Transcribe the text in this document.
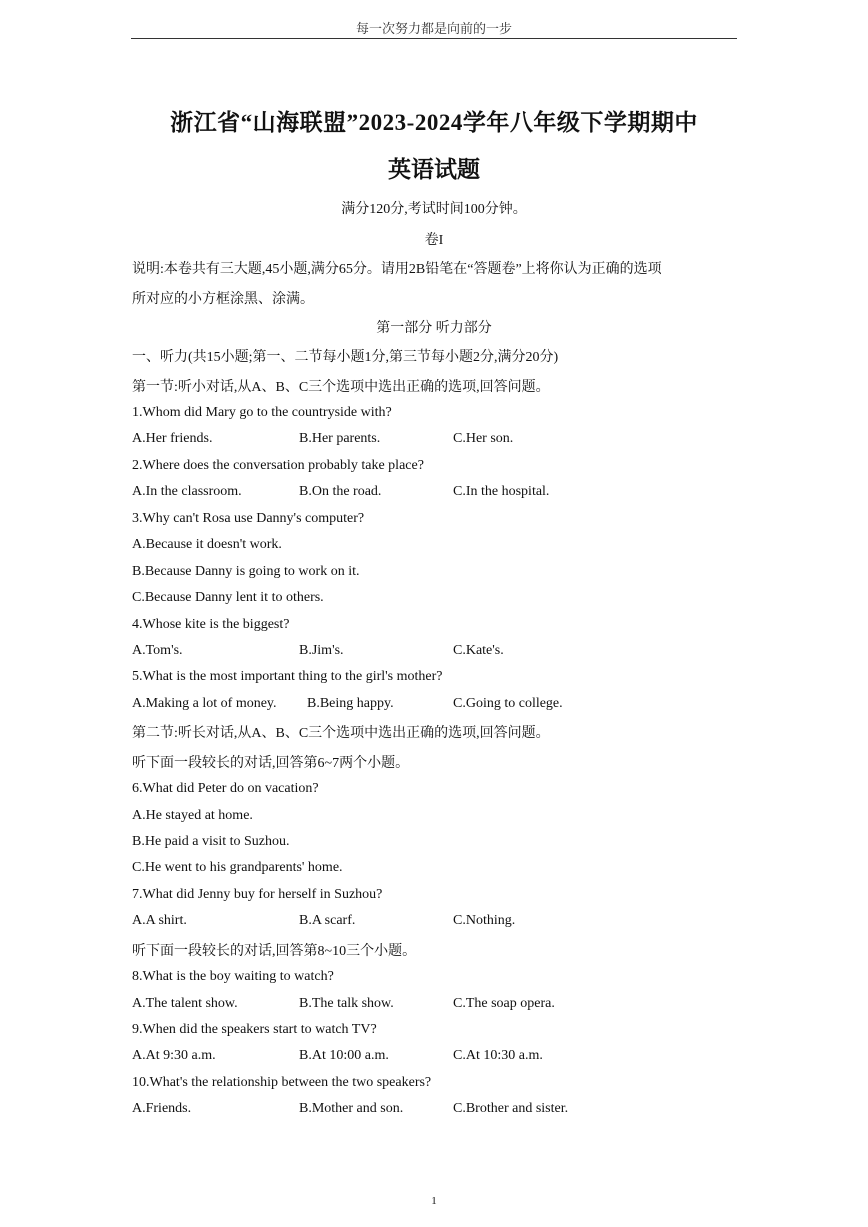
每一次努力都是向前的一步
浙江省“山海联盟”2023-2024学年八年级下学期期中
英语试题
满分120分,考试时间100分钟。
卷I
说明:本卷共有三大题,45小题,满分65分。请用2B铅笔在“答题卷”上将你认为正确的选项
所对应的小方框涂黑、涂满。
第一部分 听力部分
一、听力(共15小题;第一、二节每小题1分,第三节每小题2分,满分20分)
第一节:听小对话,从A、B、C三个选项中选出正确的选项,回答问题。
1.Whom did Mary go to the countryside with?
A.Her friends.	B.Her parents.	C.Her son.
2.Where does the conversation probably take place?
A.In the classroom.	B.On the road.	C.In the hospital.
3.Why can't Rosa use Danny's computer?
A.Because it doesn't work.
B.Because Danny is going to work on it.
C.Because Danny lent it to others.
4.Whose kite is the biggest?
A.Tom's.	B.Jim's.	C.Kate's.
5.What is the most important thing to the girl's mother?
A.Making a lot of money. B.Being happy.	C.Going to college.
第二节:听长对话,从A、B、C三个选项中选出正确的选项,回答问题。
听下面一段较长的对话,回答第6~7两个小题。
6.What did Peter do on vacation?
A.He stayed at home.
B.He paid a visit to Suzhou.
C.He went to his grandparents' home.
7.What did Jenny buy for herself in Suzhou?
A.A shirt.	B.A scarf.	C.Nothing.
听下面一段较长的对话,回答第8~10三个小题。
8.What is the boy waiting to watch?
A.The talent show.	B.The talk show.	C.The soap opera.
9.When did the speakers start to watch TV?
A.At 9:30 a.m.	B.At 10:00 a.m.	C.At 10:30 a.m.
10.What's the relationship between the two speakers?
A.Friends.	B.Mother and son.	C.Brother and sister.
1
